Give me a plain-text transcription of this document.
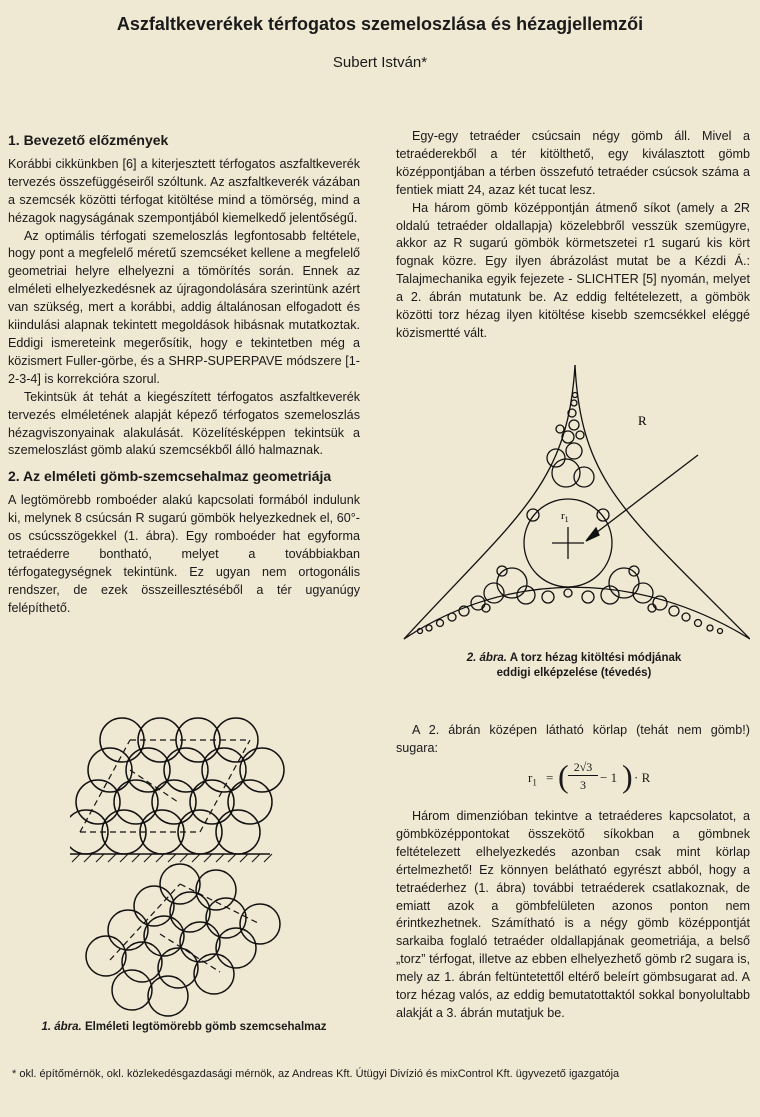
Aszfaltkeverékek térfogatos szemeloszlása és hézagjellemzői
Subert István*
1. Bevezető előzmények

Korábbi cikkünkben [6] a kiterjesztett térfogatos aszfaltkeverék tervezés összefüggéseiről szóltunk. Az aszfaltkeverék vázában a szemcsék közötti térfogat kitöltése mind a tömörség, mind a hézagok nagyságának szempontjából kiemelkedő jelentőségű.

Az optimális térfogati szemeloszlás legfontosabb feltétele, hogy pont a megfelelő méretű szemcséket kellene a megfelelő geometriai helyre elhelyezni a tömörítés során. Ennek az elméleti elhelyezkedésnek az újragondolására szerintünk azért van szükség, mert a korábbi, addig általánosan elfogadott és kiindulási alapnak tekintett megoldások hibásnak mutatkoztak. Eddigi ismereteink megerősítik, hogy e tekintetben még a közismert Fuller-görbe, és a SHRP-SUPERPAVE módszere [1-2-3-4] is korrekcióra szorul.

Tekintsük át tehát a kiegészített térfogatos aszfaltkeverék tervezés elméletének alapját képező térfogatos szemeloszlás hézagviszonyainak alakulását. Közelítésképpen tekintsük a szemeloszlást gömb alakú szemcsékből álló halmaznak.

2. Az elméleti gömb-szemcsehalmaz geometriája

A legtömörebb romboéder alakú kapcsolati formából indulunk ki, melynek 8 csúcsán R sugarú gömbök helyezkednek el, 60°-os csúcsszögekkel (1. ábra). Egy romboéder hat egyforma tetraéderre bontható, melyet a továbbiakban térfogategységnek tekintünk. Ez ugyan nem ortogonális rendszer, de ezek összeillesztéséből a tér ugyanúgy felépíthető.

Egy-egy tetraéder csúcsain négy gömb áll. Mivel a tetraéderekből a tér kitölthető, egy kiválasztott gömb középpontjában a térben összefutó tetraéder csúcsok száma a fentiek miatt 24, azaz két tucat lesz.

Ha három gömb középpontján átmenő síkot (amely a 2R oldalú tetraéder oldallapja) közelebbről vesszük szemügyre, akkor az R sugarú gömbök körmetszetei r1 sugarú kis kört fognak közre. Egy ilyen ábrázolást mutat be a Kézdi Á.: Talajmechanika egyik fejezete - SLICHTER [5] nyomán, melyet a 2. ábrán mutatunk be. Az eddig feltételezett, a gömbök közötti torz hézag ilyen kitöltése kisebb szemcsékkel eléggé közismertté vált.

R
$r_1$
2. ábra. A torz hézag kitöltési módjának
eddigi elképzelése (tévedés)

A 2. ábrán középen látható körlap (tehát nem gömb!) sugara:

$r_1$ = ( 2√3
3	− 1 ) · R

Három dimenzióban tekintve a tetraéderes kapcsolatot, a gömbközéppontokat összekötő síkokban a gömbnek feltételezett elhelyezkedés azonban csak mint körlap értelmezhető! Ez könnyen belátható egyrészt abból, hogy a tetraéderhez (1. ábra) további tetraéderek csatlakoznak, de emiatt azok a gömbfelületen azonos ponton nem érintkezhetnek. Számítható is a négy gömb középpontját sarkaiba foglaló tetraéder oldallapjának geometriája, a belső „torz” térfogat, illetve az ebben elhelyezhető gömb r2 sugara is, mely az 1. ábrán feltüntetettől eltérő beleírt gömbsugarat ad. A torz hézag valós, az eddig bemutatottaktól sokkal bonyolultabb alakját a 3. ábrán mutatjuk be.

1. ábra. Elméleti legtömörebb gömb szemcsehalmaz
* okl. építőmérnök, okl. közlekedésgazdasági mérnök, az Andreas Kft. Útügyi Divízió és mixControl Kft. ügyvezető igazgatója
